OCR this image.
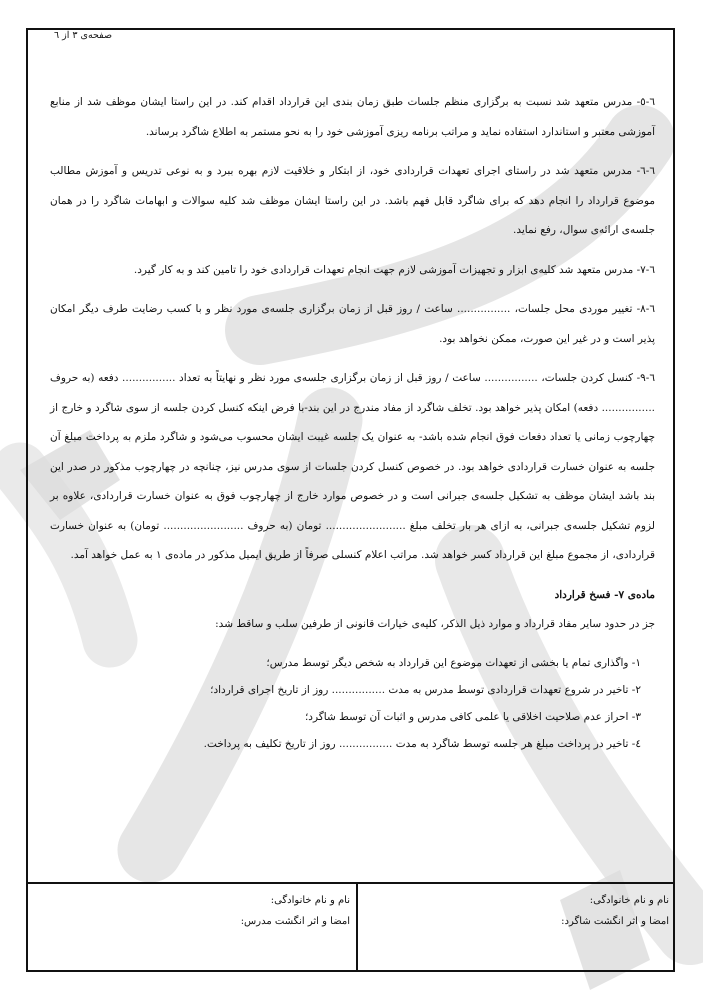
صفحه‌ی ۳ از ٦

٦-٥- مدرس متعهد شد نسبت به برگزاری منظم جلسات طبق زمان بندی این قرارداد اقدام کند. در این راستا ایشان موظف شد از منابع آموزشی معتبر و استاندارد استفاده نماید و مراتب برنامه ریزی آموزشی خود را به نحو مستمر به اطلاع شاگرد برساند.

٦-٦- مدرس متعهد شد در راستای اجرای تعهدات قراردادی خود، از ابتکار و خلاقیت لازم بهره ببرد و به نوعی تدریس و آموزش مطالب موضوع قرارداد را انجام دهد که برای شاگرد قابل فهم باشد. در این راستا ایشان موظف شد کلیه سوالات و ابهامات شاگرد را در همان جلسه‌ی ارائه‌ی سوال، رفع نماید.

٦-٧- مدرس متعهد شد کلیه‌ی ابزار و تجهیزات آموزشی لازم جهت انجام تعهدات قراردادی خود را تامین کند و به کار گیرد.

٦-٨- تغییر موردی محل جلسات، ................ ساعت / روز قبل از زمان برگزاری جلسه‌ی مورد نظر و با کسب رضایت طرف دیگر امکان پذیر است و در غیر این صورت، ممکن نخواهد بود.

٦-٩- کنسل کردن جلسات، ................ ساعت / روز قبل از زمان برگزاری جلسه‌ی مورد نظر و نهایتاً به تعداد ................ دفعه (به حروف ................ دفعه) امکان پذیر خواهد بود. تخلف شاگرد از مفاد مندرج در این بند-با فرض اینکه کنسل کردن جلسه از سوی شاگرد و خارج از چهارچوب زمانی یا تعداد دفعات فوق انجام شده باشد- به عنوان یک جلسه غیبت ایشان محسوب می‌شود و شاگرد ملزم به پرداخت مبلغ آن جلسه به عنوان خسارت قراردادی خواهد بود. در خصوص کنسل کردن جلسات از سوی مدرس نیز، چنانچه در چهارچوب مذکور در صدر این بند باشد ایشان موظف به تشکیل جلسه‌ی جبرانی است و در خصوص موارد خارج از چهارچوب فوق به عنوان خسارت قراردادی، علاوه بر لزوم تشکیل جلسه‌ی جبرانی، به ازای هر بار تخلف مبلغ ........................ تومان (به حروف ........................ تومان) به عنوان خسارت قراردادی، از مجموع مبلغ این قرارداد کسر خواهد شد. مراتب اعلام کنسلی صرفاً از طریق ایمیل مذکور در ماده‌ی ۱ به عمل خواهد آمد.

ماده‌ی ۷- فسخ قرارداد

جز در حدود سایر مفاد قرارداد و موارد ذیل الذکر، کلیه‌ی خیارات قانونی از طرفین سلب و ساقط شد:

۱- واگذاری تمام یا بخشی از تعهدات موضوع این قرارداد به شخص دیگر توسط مدرس؛
۲- تاخیر در شروع تعهدات قراردادی توسط مدرس به مدت ................ روز از تاریخ اجرای قرارداد؛
۳- احراز عدم صلاحیت اخلاقی یا علمی کافی مدرس و اثبات آن توسط شاگرد؛
٤- تاخیر در پرداخت مبلغ هر جلسه توسط شاگرد به مدت ................ روز از تاریخ تکلیف به پرداخت.
نام و نام خانوادگی:
امضا و اثر انگشت شاگرد:
نام و نام خانوادگی:
امضا و اثر انگشت مدرس:
